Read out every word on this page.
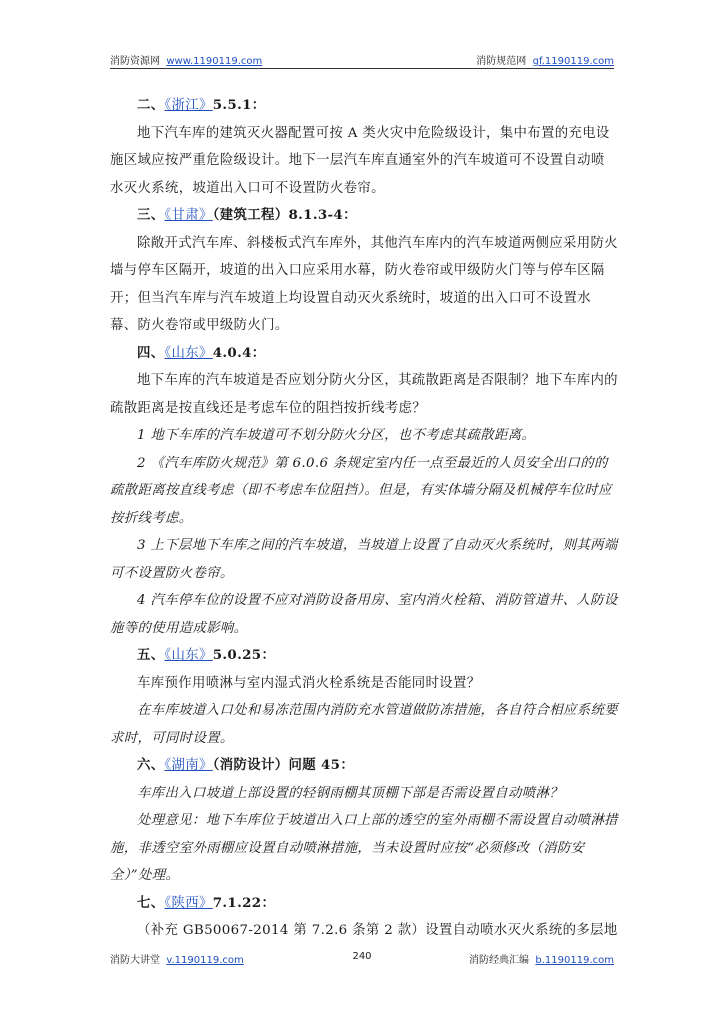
消防资源网 www.1190119.com	消防规范网 gf.1190119.com

二、《浙江》5.5.1：

地下汽车库的建筑灭火器配置可按 A 类火灾中危险级设计，集中布置的充电设施区域应按严重危险级设计。地下一层汽车库直通室外的汽车坡道可不设置自动喷水灭火系统，坡道出入口可不设置防火卷帘。

三、《甘肃》（建筑工程）8.1.3-4：

除敞开式汽车库、斜楼板式汽车库外，其他汽车库内的汽车坡道两侧应采用防火墙与停车区隔开，坡道的出入口应采用水幕，防火卷帘或甲级防火门等与停车区隔开；但当汽车库与汽车坡道上均设置自动灭火系统时，坡道的出入口可不设置水幕、防火卷帘或甲级防火门。

四、《山东》4.0.4：

地下车库的汽车坡道是否应划分防火分区，其疏散距离是否限制？地下车库内的疏散距离是按直线还是考虑车位的阻挡按折线考虑？

1 地下车库的汽车坡道可不划分防火分区，也不考虑其疏散距离。

2 《汽车库防火规范》第 6.0.6 条规定室内任一点至最近的人员安全出口的的疏散距离按直线考虑（即不考虑车位阻挡）。但是，有实体墙分隔及机械停车位时应按折线考虑。

3 上下层地下车库之间的汽车坡道，当坡道上设置了自动灭火系统时，则其两端可不设置防火卷帘。

4 汽车停车位的设置不应对消防设备用房、室内消火栓箱、消防管道井、人防设施等的使用造成影响。

五、《山东》5.0.25：

车库预作用喷淋与室内湿式消火栓系统是否能同时设置？

在车库坡道入口处和易冻范围内消防充水管道做防冻措施，各自符合相应系统要求时，可同时设置。

六、《湖南》（消防设计）问题 45：

车库出入口坡道上部设置的轻钢雨棚其顶棚下部是否需设置自动喷淋？

处理意见：地下车库位于坡道出入口上部的透空的室外雨棚不需设置自动喷淋措施，非透空室外雨棚应设置自动喷淋措施，当未设置时应按“必须修改（消防安全）”处理。

七、《陕西》7.1.22：

（补充 GB50067-2014 第 7.2.6 条第 2 款）设置自动喷水灭火系统的多层地

消防大讲堂 v.1190119.com	240	消防经典汇编 b.1190119.com
